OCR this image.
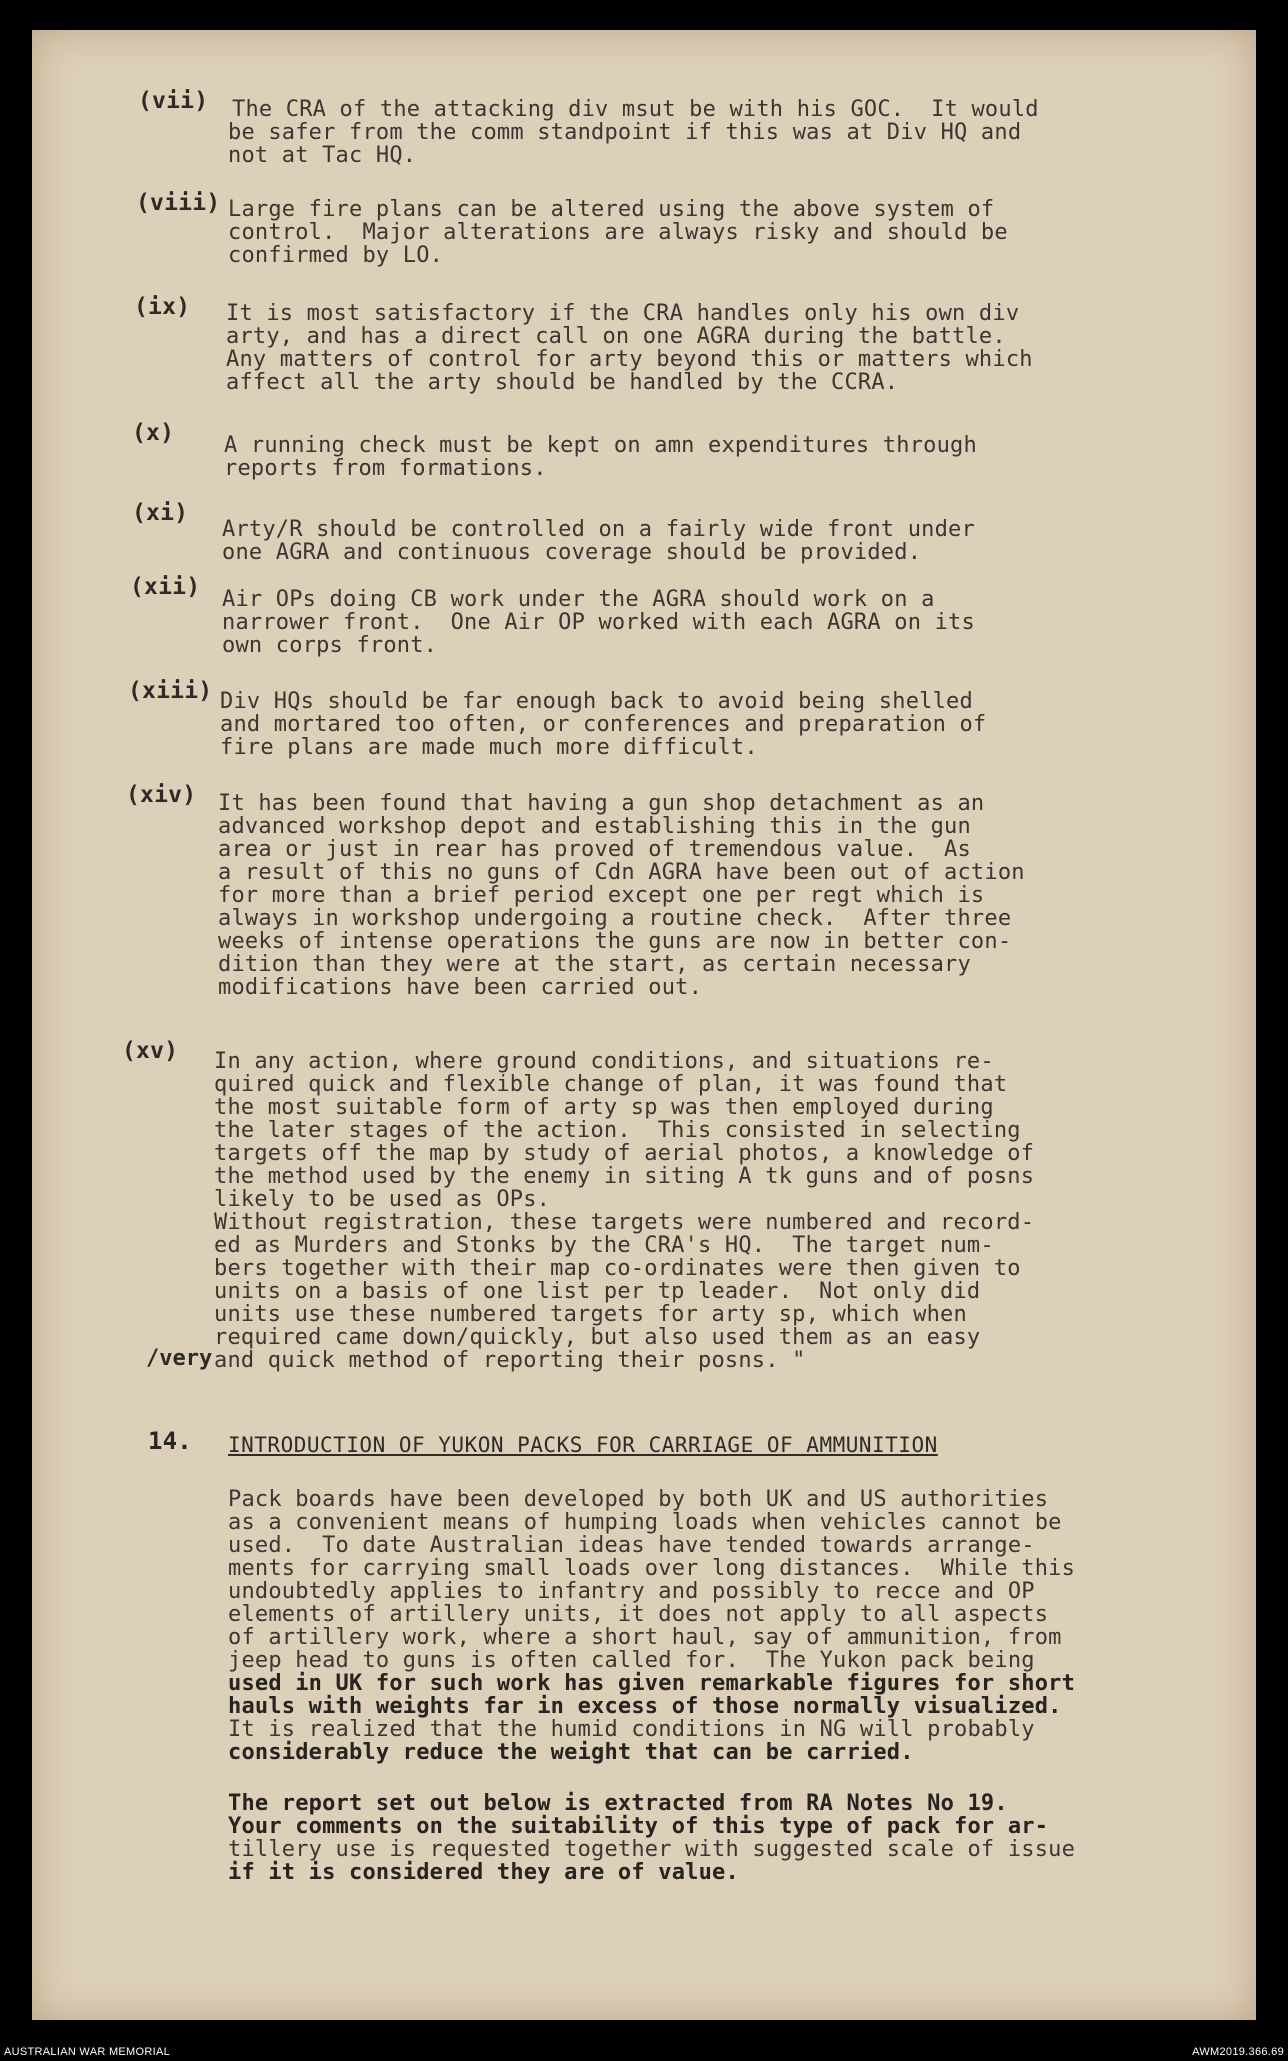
(vii) The CRA of the attacking div msut be with his GOC.  It would
be safer from the comm standpoint if this was at Div HQ and
not at Tac HQ.
(viii) Large fire plans can be altered using the above system of
control.  Major alterations are always risky and should be
confirmed by LO.
(ix) It is most satisfactory if the CRA handles only his own div
arty, and has a direct call on one AGRA during the battle.
Any matters of control for arty beyond this or matters which
affect all the arty should be handled by the CCRA.
(x) A running check must be kept on amn expenditures through
reports from formations.
(xi)
Arty/R should be controlled on a fairly wide front under
one AGRA and continuous coverage should be provided.
(xii) Air OPs doing CB work under the AGRA should work on a
narrower front.  One Air OP worked with each AGRA on its
own corps front.
(xiii) Div HQs should be far enough back to avoid being shelled
and mortared too often, or conferences and preparation of
fire plans are made much more difficult.
(xiv) It has been found that having a gun shop detachment as an
advanced workshop depot and establishing this in the gun
area or just in rear has proved of tremendous value.  As
a result of this no guns of Cdn AGRA have been out of action
for more than a brief period except one per regt which is
always in workshop undergoing a routine check.  After three
weeks of intense operations the guns are now in better con-
dition than they were at the start, as certain necessary
modifications have been carried out.
(xv) In any action, where ground conditions, and situations re-
quired quick and flexible change of plan, it was found that
the most suitable form of arty sp was then employed during
the later stages of the action.  This consisted in selecting
targets off the map by study of aerial photos, a knowledge of
the method used by the enemy in siting A tk guns and of posns
likely to be used as OPs.
Without registration, these targets were numbered and record-
ed as Murders and Stonks by the CRA's HQ.  The target num-
bers together with their map co-ordinates were then given to
units on a basis of one list per tp leader.  Not only did
units use these numbered targets for arty sp, which when
required came down/quickly, but also used them as an easy
and quick method of reporting their posns. "
/very
14. INTRODUCTION OF YUKON PACKS FOR CARRIAGE OF AMMUNITION
Pack boards have been developed by both UK and US authorities
as a convenient means of humping loads when vehicles cannot be
used.  To date Australian ideas have tended towards arrange-
ments for carrying small loads over long distances.  While this
undoubtedly applies to infantry and possibly to recce and OP
elements of artillery units, it does not apply to all aspects
of artillery work, where a short haul, say of ammunition, from
jeep head to guns is often called for.  The Yukon pack being
used in UK for such work has given remarkable figures for short
hauls with weights far in excess of those normally visualized.
It is realized that the humid conditions in NG will probably
considerably reduce the weight that can be carried.
The report set out below is extracted from RA Notes No 19.
Your comments on the suitability of this type of pack for ar-
tillery use is requested together with suggested scale of issue
if it is considered they are of value.
AUSTRALIAN WAR MEMORIAL	AWM2019.366.69
